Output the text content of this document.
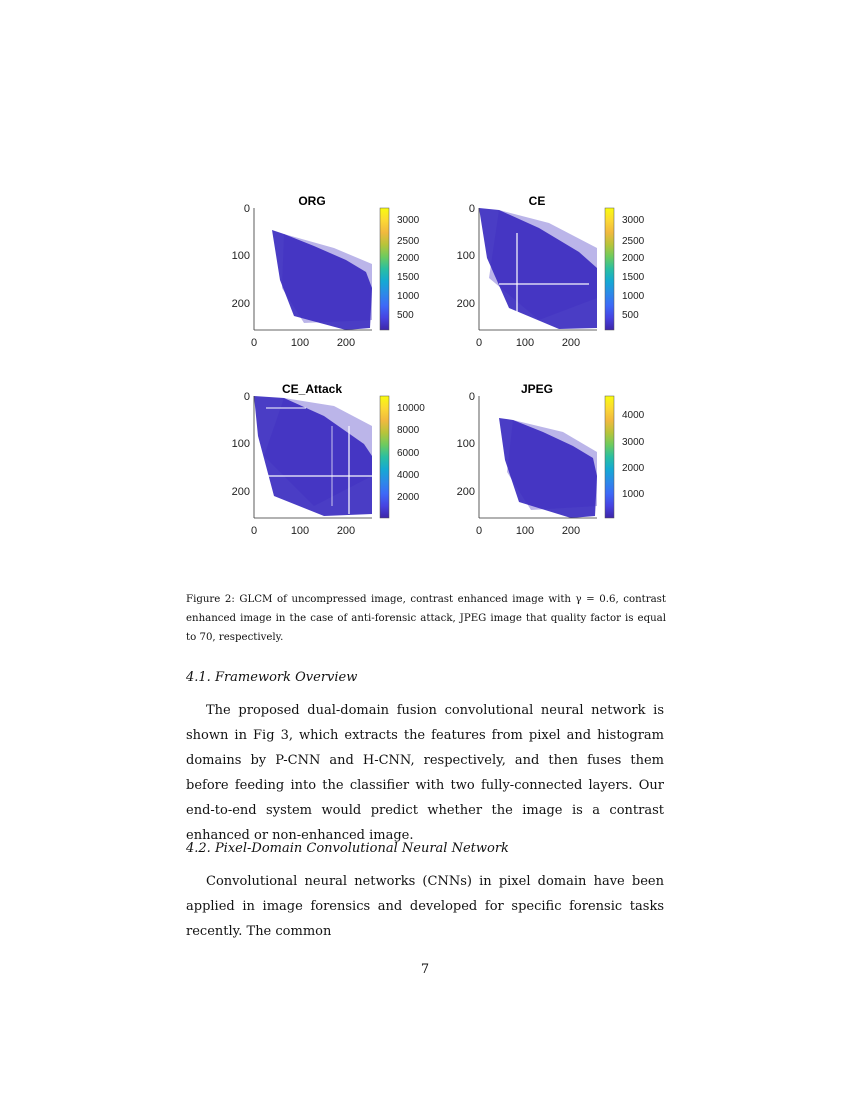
ORG
0
100
200
0	100	200
3000
2500
2000
1500
1000
500
CE
0
100
200
0	100	200
3000
2500
2000
1500
1000
500
CE_Attack
0
100
200
0	100	200
10000
8000
6000
4000
2000
JPEG
0
100
200
0	100	200
4000
3000
2000
1000

Figure 2: GLCM of uncompressed image, contrast enhanced image with γ = 0.6, contrast enhanced image in the case of anti-forensic attack, JPEG image that quality factor is equal to 70, respectively.

4.1. Framework Overview

The proposed dual-domain fusion convolutional neural network is shown in Fig 3, which extracts the features from pixel and histogram domains by P-CNN and H-CNN, respectively, and then fuses them before feeding into the classifier with two fully-connected layers. Our end-to-end system would predict whether the image is a contrast enhanced or non-enhanced image.

4.2. Pixel-Domain Convolutional Neural Network

Convolutional neural networks (CNNs) in pixel domain have been applied in image forensics and developed for specific forensic tasks recently. The common

7
